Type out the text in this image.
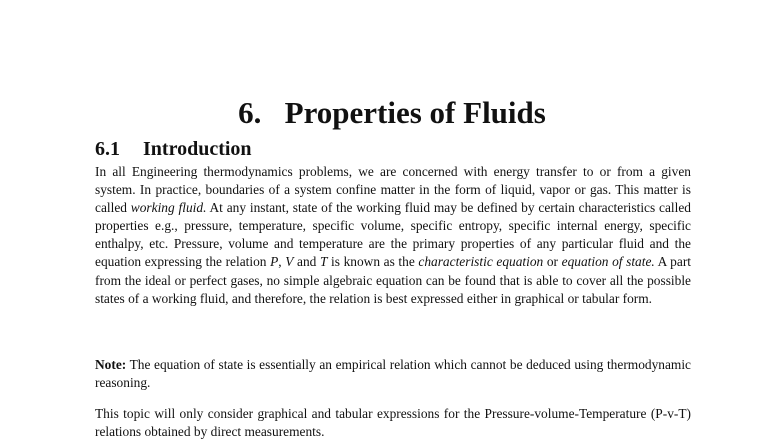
6. Properties of Fluids
6.1 Introduction

In all Engineering thermodynamics problems, we are concerned with energy transfer to or from a given system. In practice, boundaries of a system confine matter in the form of liquid, vapor or gas. This matter is called working fluid. At any instant, state of the working fluid may be defined by certain characteristics called properties e.g., pressure, temperature, specific volume, specific entropy, specific internal energy, specific enthalpy, etc. Pressure, volume and temperature are the primary properties of any particular fluid and the equation expressing the relation P, V and T is known as the characteristic equation or equation of state. A part from the ideal or perfect gases, no simple algebraic equation can be found that is able to cover all the possible states of a working fluid, and therefore, the relation is best expressed either in graphical or tabular form.

Note: The equation of state is essentially an empirical relation which cannot be deduced using thermodynamic reasoning.

This topic will only consider graphical and tabular expressions for the Pressure-volume-Temperature (P-v-T) relations obtained by direct measurements.
